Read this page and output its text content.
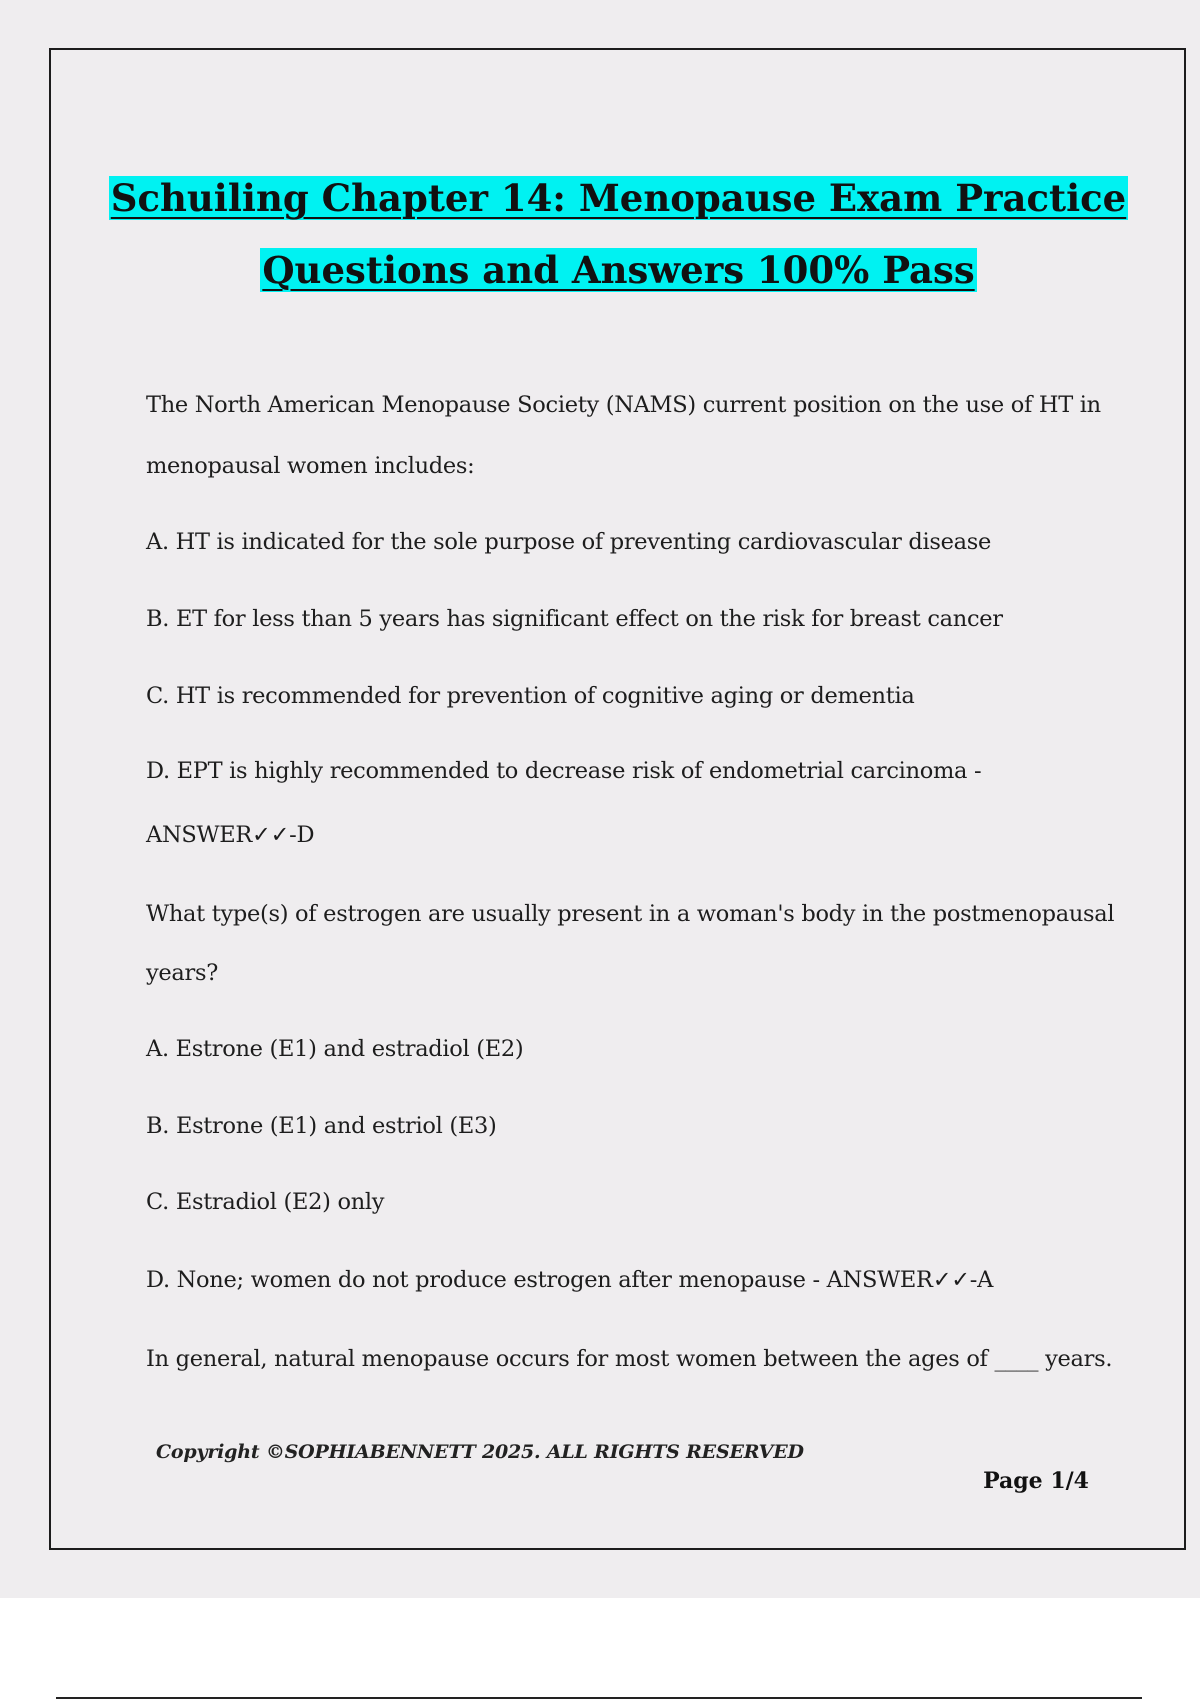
Schuiling Chapter 14: Menopause Exam Practice
Questions and Answers 100% Pass
The North American Menopause Society (NAMS) current position on the use of HT in
menopausal women includes:
A. HT is indicated for the sole purpose of preventing cardiovascular disease
B. ET for less than 5 years has significant effect on the risk for breast cancer
C. HT is recommended for prevention of cognitive aging or dementia
D. EPT is highly recommended to decrease risk of endometrial carcinoma -
ANSWER✓✓-D
What type(s) of estrogen are usually present in a woman's body in the postmenopausal
years?
A. Estrone (E1) and estradiol (E2)
B. Estrone (E1) and estriol (E3)
C. Estradiol (E2) only
D. None; women do not produce estrogen after menopause - ANSWER✓✓-A
In general, natural menopause occurs for most women between the ages of ____ years.
Copyright ©SOPHIABENNETT 2025. ALL RIGHTS RESERVED
Page 1/4
